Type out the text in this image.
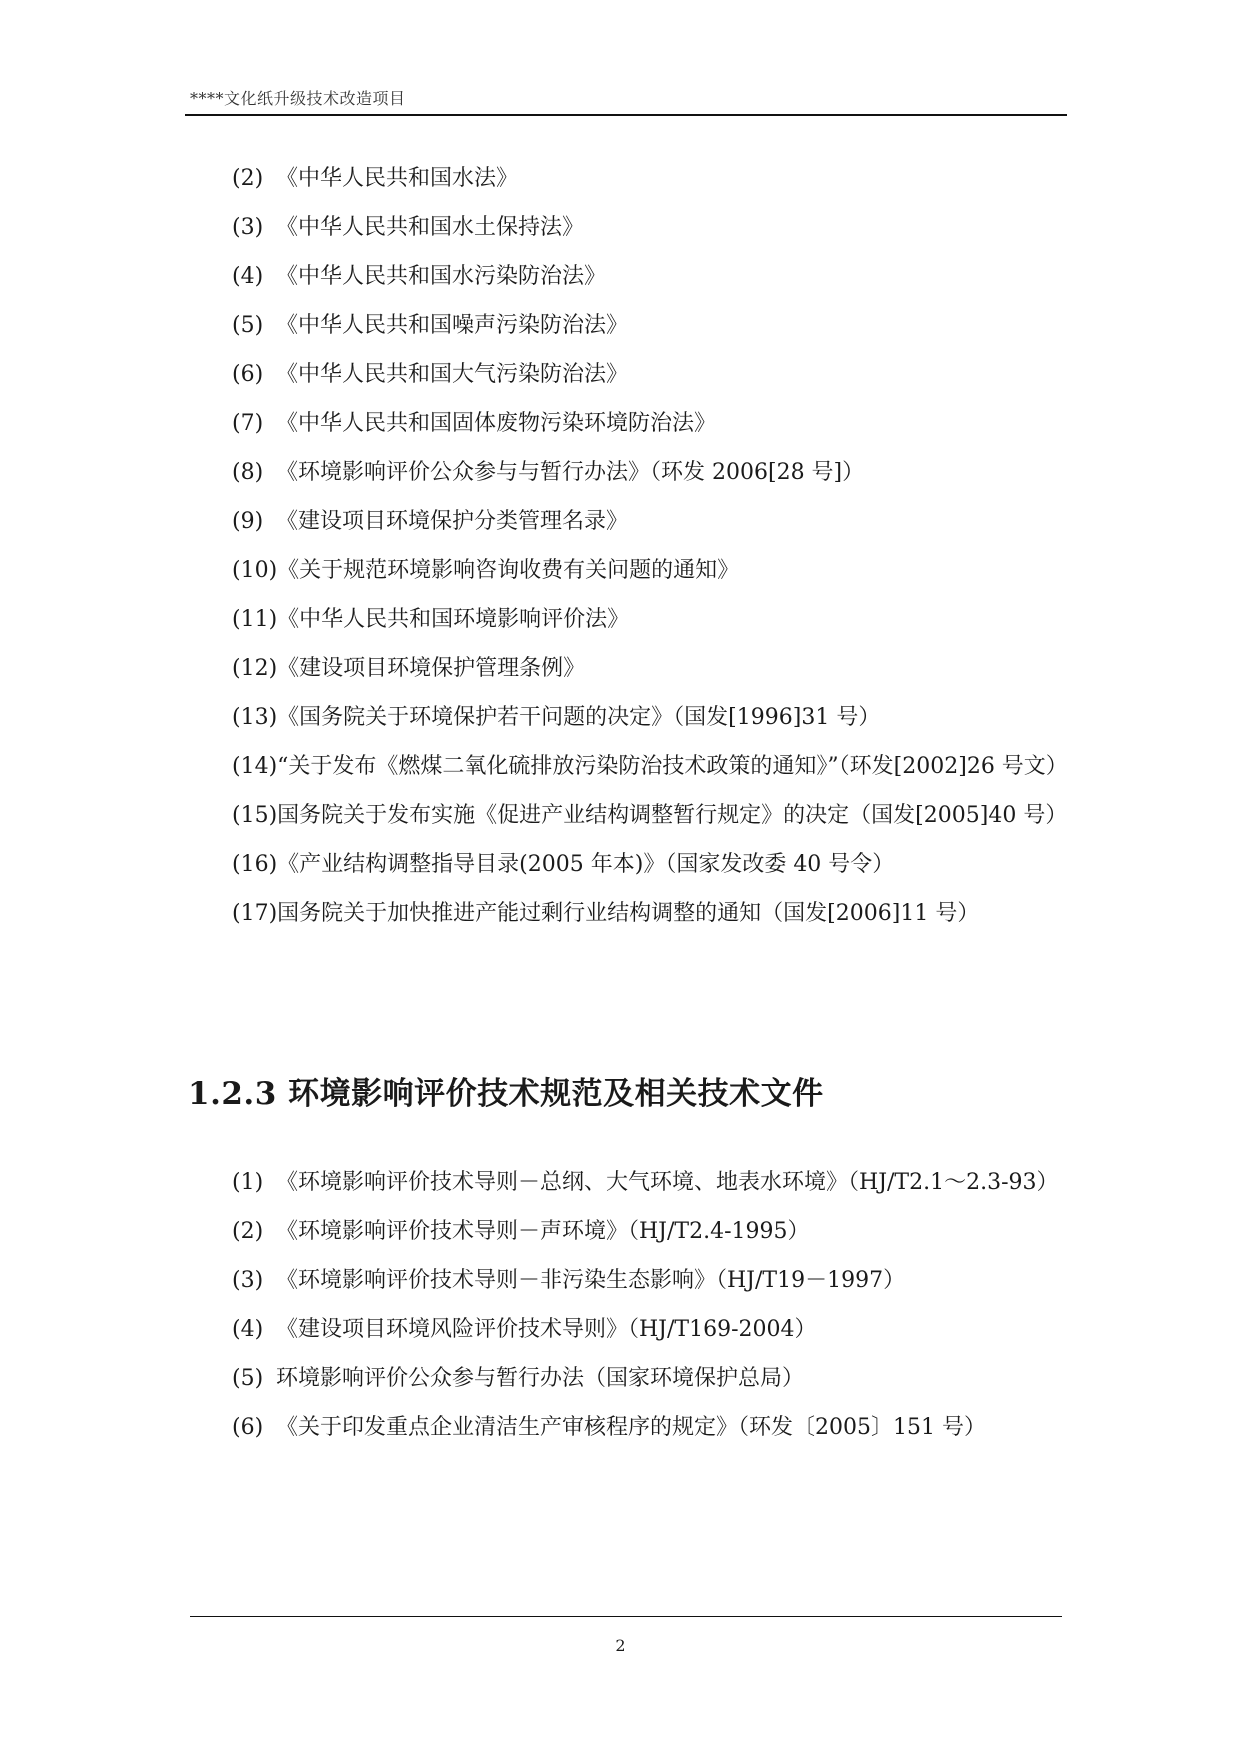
****文化纸升级技术改造项目
(2) 《中华人民共和国水法》
(3) 《中华人民共和国水土保持法》
(4) 《中华人民共和国水污染防治法》
(5) 《中华人民共和国噪声污染防治法》
(6) 《中华人民共和国大气污染防治法》
(7) 《中华人民共和国固体废物污染环境防治法》
(8) 《环境影响评价公众参与与暂行办法》（环发 2006[28 号]）
(9) 《建设项目环境保护分类管理名录》
(10) 《关于规范环境影响咨询收费有关问题的通知》
(11) 《中华人民共和国环境影响评价法》
(12) 《建设项目环境保护管理条例》
(13) 《国务院关于环境保护若干问题的决定》（国发[1996]31 号）
(14) “关于发布《燃煤二氧化硫排放污染防治技术政策的通知》”（环发[2002]26 号文）
(15) 国务院关于发布实施《促进产业结构调整暂行规定》的决定（国发[2005]40 号）
(16) 《产业结构调整指导目录(2005 年本)》（国家发改委 40 号令）
(17) 国务院关于加快推进产能过剩行业结构调整的通知（国发[2006]11 号）
1.2.3 环境影响评价技术规范及相关技术文件
(1) 《环境影响评价技术导则－总纲、大气环境、地表水环境》（HJ/T2.1～2.3-93）
(2) 《环境影响评价技术导则－声环境》（HJ/T2.4-1995）
(3) 《环境影响评价技术导则－非污染生态影响》（HJ/T19－1997）
(4) 《建设项目环境风险评价技术导则》（HJ/T169-2004）
(5) 环境影响评价公众参与暂行办法（国家环境保护总局）
(6) 《关于印发重点企业清洁生产审核程序的规定》（环发〔2005〕151 号）
2
